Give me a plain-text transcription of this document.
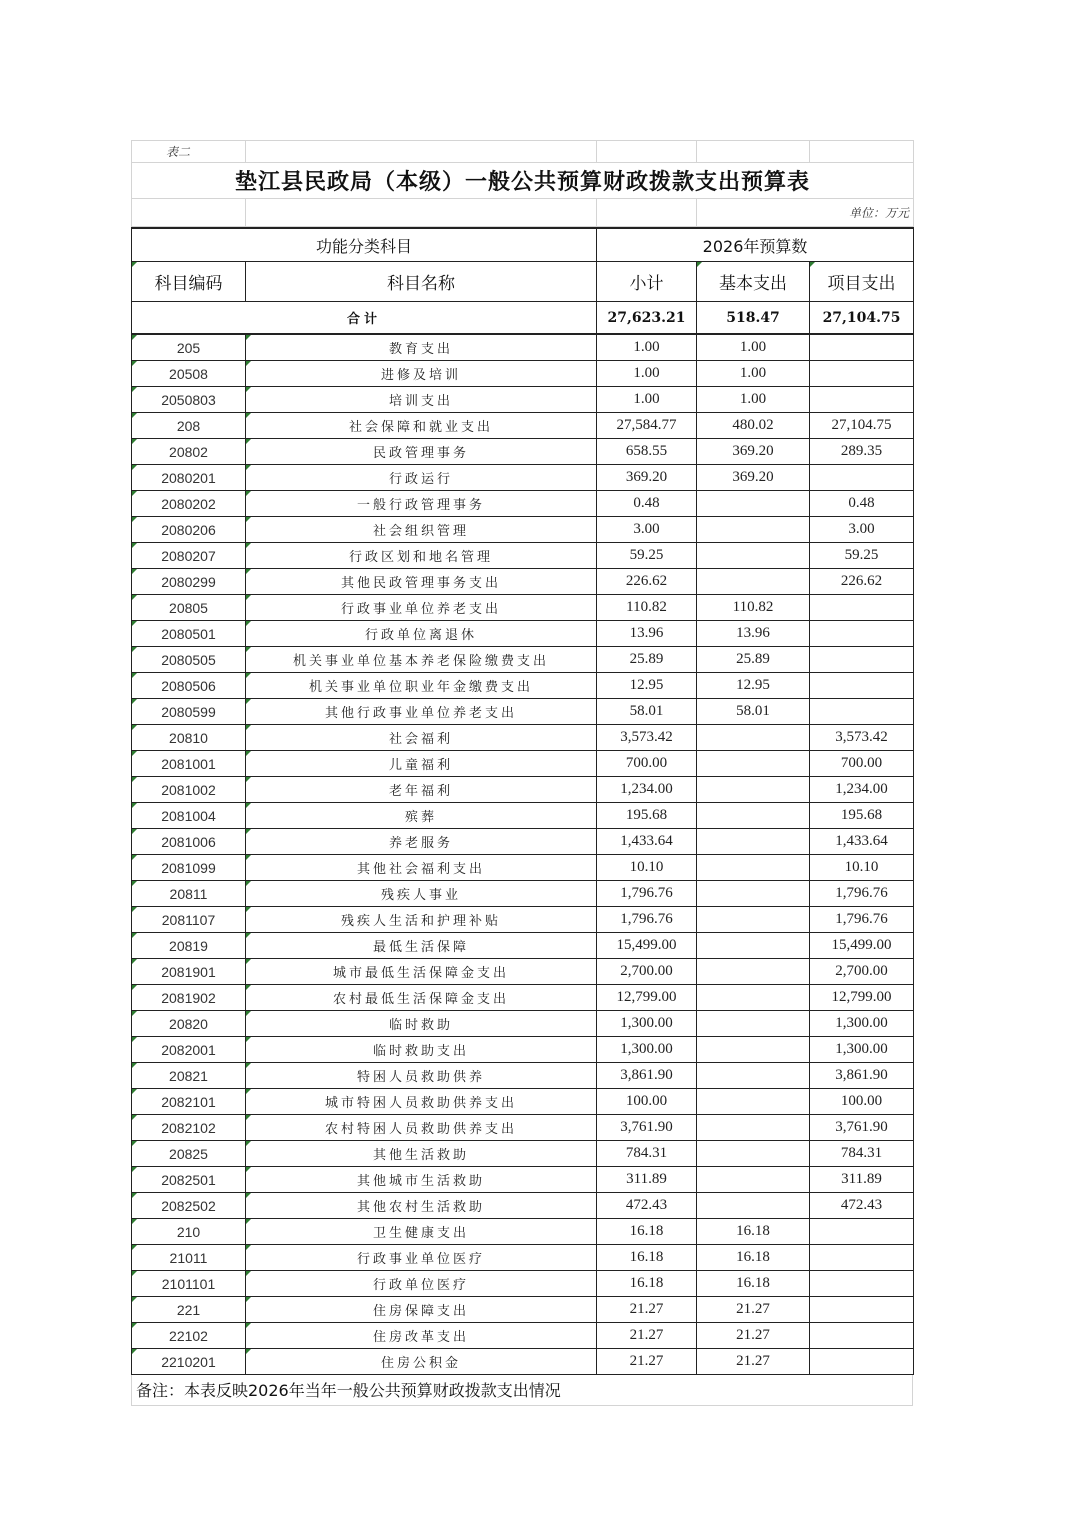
表二				
垫江县民政局（本级）一般公共预算财政拨款支出预算表				
			单位：万元	
功能分类科目		2026年预算数		
科目编码	科目名称	小计	基本支出	项目支出
合计		27,623.21	518.47	27,104.75
205	教育支出	1.00	1.00	
20508	进修及培训	1.00	1.00	
2050803	培训支出	1.00	1.00	
208	社会保障和就业支出	27,584.77	480.02	27,104.75
20802	民政管理事务	658.55	369.20	289.35
2080201	行政运行	369.20	369.20	
2080202	一般行政管理事务	0.48		0.48
2080206	社会组织管理	3.00		3.00
2080207	行政区划和地名管理	59.25		59.25
2080299	其他民政管理事务支出	226.62		226.62
20805	行政事业单位养老支出	110.82	110.82	
2080501	行政单位离退休	13.96	13.96	
2080505	机关事业单位基本养老保险缴费支出	25.89	25.89	
2080506	机关事业单位职业年金缴费支出	12.95	12.95	
2080599	其他行政事业单位养老支出	58.01	58.01	
20810	社会福利	3,573.42		3,573.42
2081001	儿童福利	700.00		700.00
2081002	老年福利	1,234.00		1,234.00
2081004	殡葬	195.68		195.68
2081006	养老服务	1,433.64		1,433.64
2081099	其他社会福利支出	10.10		10.10
20811	残疾人事业	1,796.76		1,796.76
2081107	残疾人生活和护理补贴	1,796.76		1,796.76
20819	最低生活保障	15,499.00		15,499.00
2081901	城市最低生活保障金支出	2,700.00		2,700.00
2081902	农村最低生活保障金支出	12,799.00		12,799.00
20820	临时救助	1,300.00		1,300.00
2082001	临时救助支出	1,300.00		1,300.00
20821	特困人员救助供养	3,861.90		3,861.90
2082101	城市特困人员救助供养支出	100.00		100.00
2082102	农村特困人员救助供养支出	3,761.90		3,761.90
20825	其他生活救助	784.31		784.31
2082501	其他城市生活救助	311.89		311.89
2082502	其他农村生活救助	472.43		472.43
210	卫生健康支出	16.18	16.18	
21011	行政事业单位医疗	16.18	16.18	
2101101	行政单位医疗	16.18	16.18	
221	住房保障支出	21.27	21.27	
22102	住房改革支出	21.27	21.27	
2210201	住房公积金	21.27	21.27	
备注：本表反映2026年当年一般公共预算财政拨款支出情况
